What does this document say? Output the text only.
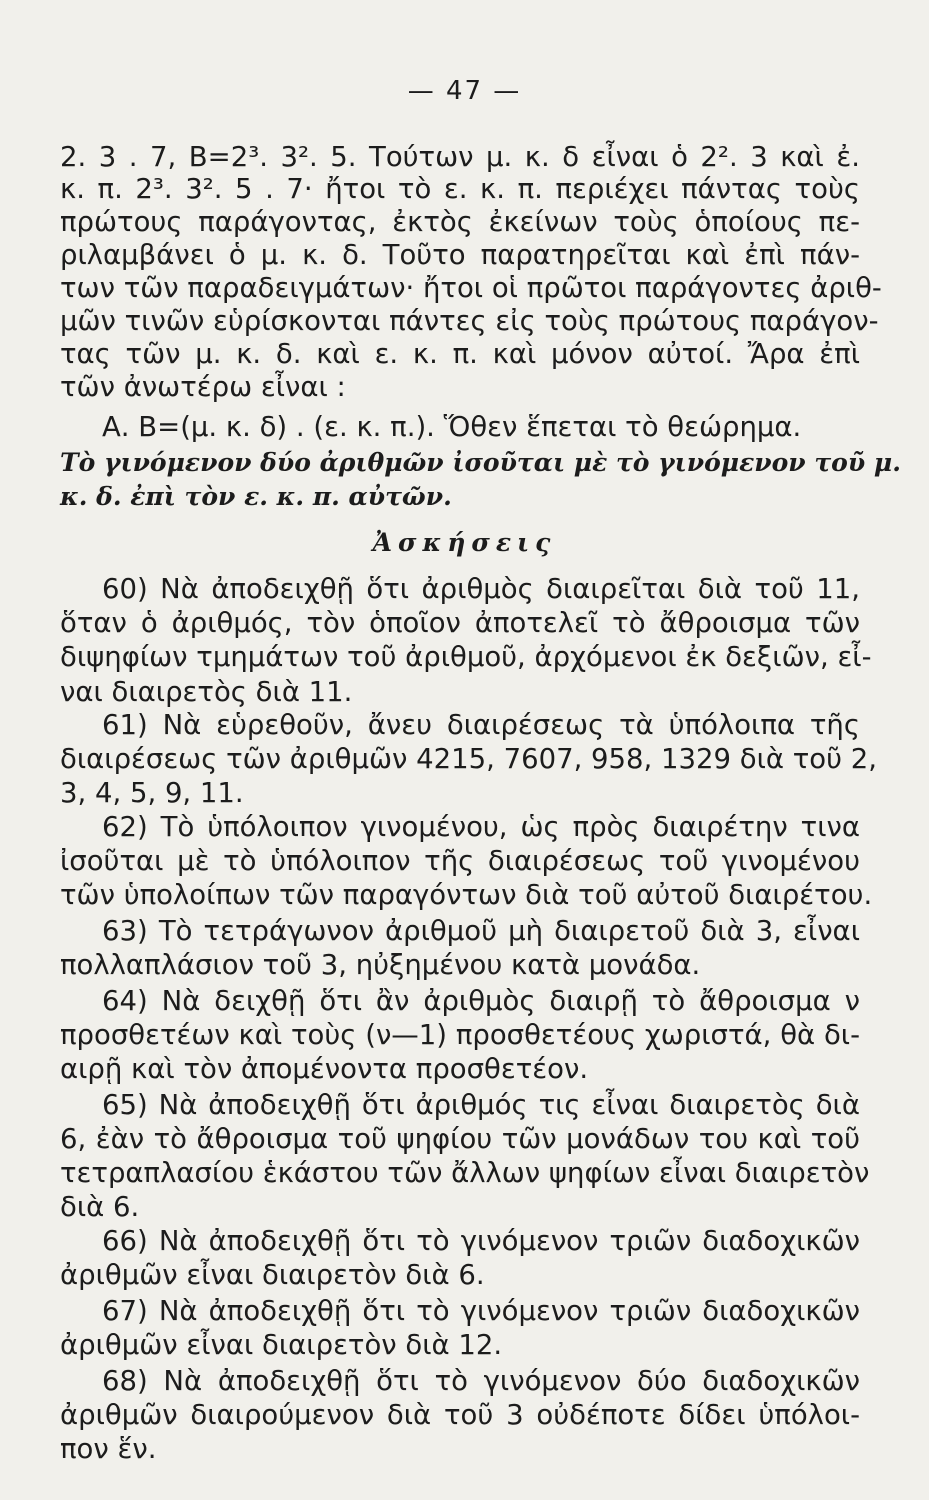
— 47 —
2. 3 . 7, Β=2³. 3². 5. Τούτων μ. κ. δ εἶναι ὁ 2². 3 καὶ ἐ.
κ. π. 2³. 3². 5 . 7· ἤτοι τὸ ε. κ. π. περιέχει πάντας τοὺς
πρώτους παράγοντας, ἐκτὸς ἐκείνων τοὺς ὁποίους πε-
ριλαμβάνει ὁ μ. κ. δ. Τοῦτο παρατηρεῖται καὶ ἐπὶ πάν-
των τῶν παραδειγμάτων· ἤτοι οἱ πρῶτοι παράγοντες ἀριθ-
μῶν τινῶν εὑρίσκονται πάντες εἰς τοὺς πρώτους παράγον-
τας τῶν μ. κ. δ. καὶ ε. κ. π. καὶ μόνον αὐτοί. Ἄρα ἐπὶ
τῶν ἀνωτέρω εἶναι :
Α. Β=(μ. κ. δ) . (ε. κ. π.). Ὅθεν ἕπεται τὸ θεώρημα.
Τὸ γινόμενον δύο ἀριθμῶν ἰσοῦται μὲ τὸ γινόμενον τοῦ μ.
κ. δ. ἐπὶ τὸν ε. κ. π. αὐτῶν.
Ἀσκήσεις
60) Νὰ ἀποδειχθῇ ὅτι ἀριθμὸς διαιρεῖται διὰ τοῦ 11,
ὅταν ὁ ἀριθμός, τὸν ὁποῖον ἀποτελεῖ τὸ ἄθροισμα τῶν
διψηφίων τμημάτων τοῦ ἀριθμοῦ, ἀρχόμενοι ἐκ δεξιῶν, εἶ-
ναι διαιρετὸς διὰ 11.
61) Νὰ εὑρεθοῦν, ἄνευ διαιρέσεως τὰ ὑπόλοιπα τῆς
διαιρέσεως τῶν ἀριθμῶν 4215, 7607, 958, 1329 διὰ τοῦ 2,
3, 4, 5, 9, 11.
62) Τὸ ὑπόλοιπον γινομένου, ὡς πρὸς διαιρέτην τινα
ἰσοῦται μὲ τὸ ὑπόλοιπον τῆς διαιρέσεως τοῦ γινομένου
τῶν ὑπολοίπων τῶν παραγόντων διὰ τοῦ αὐτοῦ διαιρέτου.
63) Τὸ τετράγωνον ἀριθμοῦ μὴ διαιρετοῦ διὰ 3, εἶναι
πολλαπλάσιον τοῦ 3, ηὐξημένου κατὰ μονάδα.
64) Νὰ δειχθῇ ὅτι ἂν ἀριθμὸς διαιρῇ τὸ ἄθροισμα ν
προσθετέων καὶ τοὺς (ν—1) προσθετέους χωριστά, θὰ δι-
αιρῇ καὶ τὸν ἀπομένοντα προσθετέον.
65) Νὰ ἀποδειχθῇ ὅτι ἀριθμός τις εἶναι διαιρετὸς διὰ
6, ἐὰν τὸ ἄθροισμα τοῦ ψηφίου τῶν μονάδων του καὶ τοῦ
τετραπλασίου ἑκάστου τῶν ἄλλων ψηφίων εἶναι διαιρετὸν
διὰ 6.
66) Νὰ ἀποδειχθῇ ὅτι τὸ γινόμενον τριῶν διαδοχικῶν
ἀριθμῶν εἶναι διαιρετὸν διὰ 6.
67) Νὰ ἀποδειχθῇ ὅτι τὸ γινόμενον τριῶν διαδοχικῶν
ἀριθμῶν εἶναι διαιρετὸν διὰ 12.
68) Νὰ ἀποδειχθῇ ὅτι τὸ γινόμενον δύο διαδοχικῶν
ἀριθμῶν διαιρούμενον διὰ τοῦ 3 οὐδέποτε δίδει ὑπόλοι-
πον ἕν.
